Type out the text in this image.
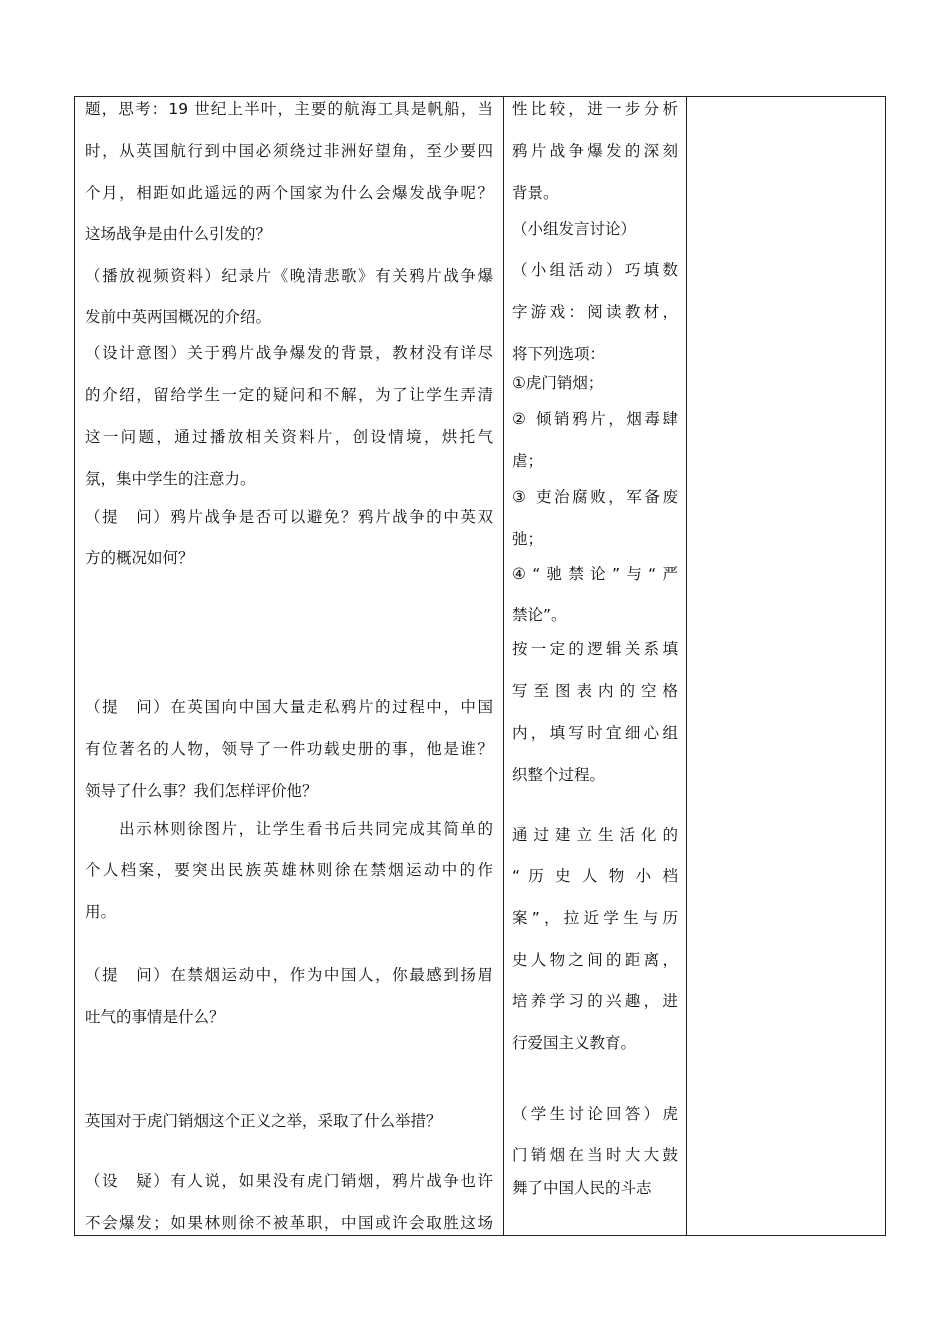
题，思考：19 世纪上半叶，主要的航海工具是帆船，当

时，从英国航行到中国必须绕过非洲好望角，至少要四

个月，相距如此遥远的两个国家为什么会爆发战争呢？

这场战争是由什么引发的？

（播放视频资料）纪录片《晚清悲歌》有关鸦片战争爆

发前中英两国概况的介绍。

（设计意图）关于鸦片战争爆发的背景，教材没有详尽

的介绍，留给学生一定的疑问和不解，为了让学生弄清

这一问题，通过播放相关资料片，创设情境，烘托气

氛，集中学生的注意力。

（提　问）鸦片战争是否可以避免？鸦片战争的中英双

方的概况如何？

（提　问）在英国向中国大量走私鸦片的过程中，中国

有位著名的人物，领导了一件功载史册的事，他是谁？

领导了什么事？我们怎样评价他？

　　出示林则徐图片，让学生看书后共同完成其简单的

个人档案，要突出民族英雄林则徐在禁烟运动中的作

用。

（提　问）在禁烟运动中，作为中国人，你最感到扬眉

吐气的事情是什么？

英国对于虎门销烟这个正义之举，采取了什么举措？

（设　疑）有人说，如果没有虎门销烟，鸦片战争也许

不会爆发；如果林则徐不被革职，中国或许会取胜这场

性比较，进一步分析

鸦片战争爆发的深刻

背景。

（小组发言讨论）

（小组活动）巧填数

字游戏：阅读教材，

将下列选项：

①虎门销烟；

② 倾销鸦片，烟毒肆

虐；

③ 吏治腐败，军备废

弛；

④“驰禁论”与“严

禁论”。

按一定的逻辑关系填

写至图表内的空格

内，填写时宜细心组

织整个过程。

通过建立生活化的

“ 历 史 人 物 小 档

案”，拉近学生与历

史人物之间的距离，

培养学习的兴趣，进

行爱国主义教育。

（学生讨论回答）虎

门销烟在当时大大鼓

舞了中国人民的斗志
